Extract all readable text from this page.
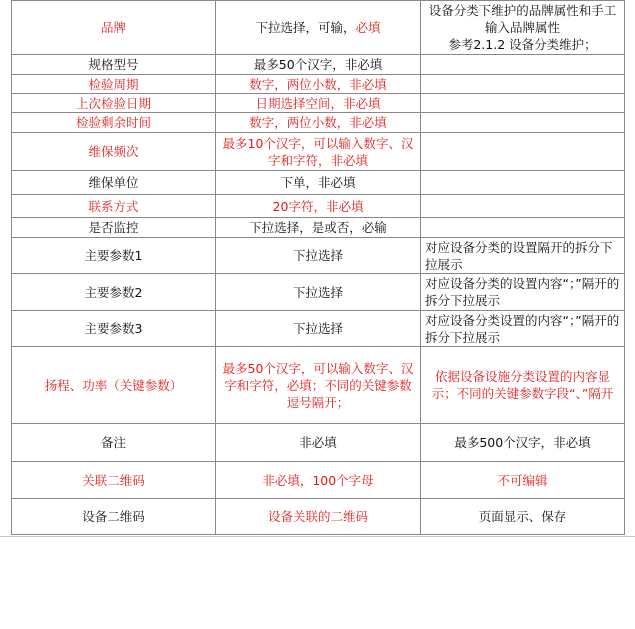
品牌	下拉选择，可输，必填	设备分类下维护的品牌属性和手工输入品牌属性
参考2.1.2 设备分类维护；
规格型号	最多50个汉字，非必填	
检验周期	数字，两位小数，非必填	
上次检验日期	日期选择空间，非必填	
检验剩余时间	数字，两位小数，非必填	
维保频次	最多10个汉字，可以输入数字、汉字和字符，非必填	
维保单位	下单，非必填	
联系方式	20字符，非必填	
是否监控	下拉选择，是或否，必输	
主要参数1	下拉选择	对应设备分类的设置隔开的拆分下拉展示
主要参数2	下拉选择	对应设备分类的设置内容“；”隔开的拆分下拉展示
主要参数3	下拉选择	对应设备分类设置的内容“；”隔开的拆分下拉展示
扬程、功率（关键参数）	最多50个汉字，可以输入数字、汉字和字符，必填；不同的关键参数逗号隔开；	依据设备设施分类设置的内容显示；不同的关键参数字段“、”隔开
备注	非必填	最多500个汉字，非必填
关联二维码	非必填，100个字母	不可编辑
设备二维码	设备关联的二维码	页面显示、保存
